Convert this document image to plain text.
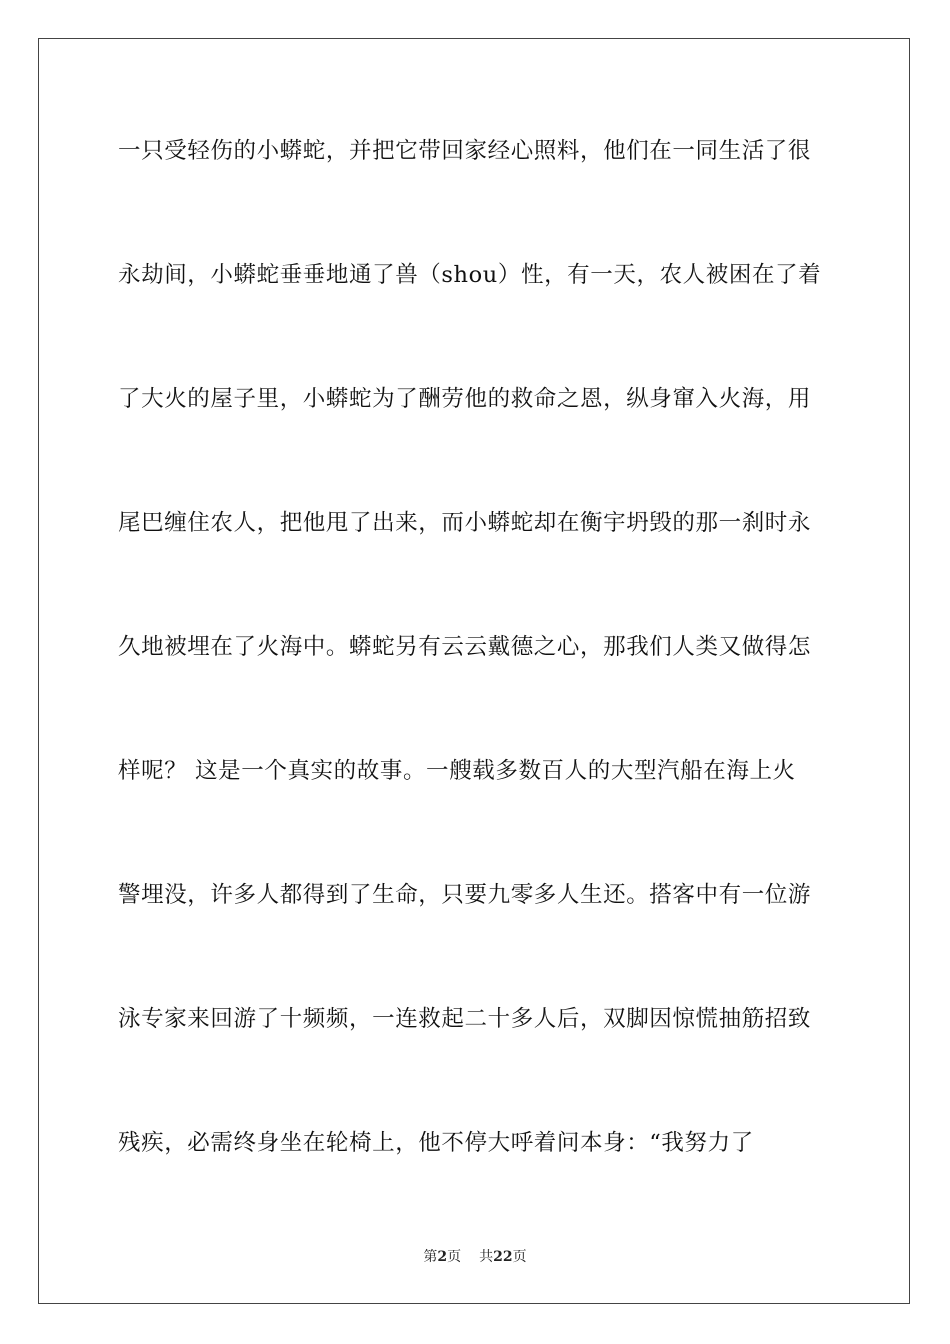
一只受轻伤的小蟒蛇，并把它带回家经心照料，他们在一同生活了很
永劫间，小蟒蛇垂垂地通了兽（shou）性，有一天，农人被困在了着
了大火的屋子里，小蟒蛇为了酬劳他的救命之恩，纵身窜入火海，用
尾巴缠住农人，把他甩了出来，而小蟒蛇却在衡宇坍毁的那一刹时永
久地被埋在了火海中。蟒蛇另有云云戴德之心，那我们人类又做得怎
样呢？ 这是一个真实的故事。一艘载多数百人的大型汽船在海上火
警埋没，许多人都得到了生命，只要九零多人生还。搭客中有一位游
泳专家来回游了十频频，一连救起二十多人后，双脚因惊慌抽筋招致
残疾，必需终身坐在轮椅上，他不停大呼着问本身：“我努力了
第2页 共22页
